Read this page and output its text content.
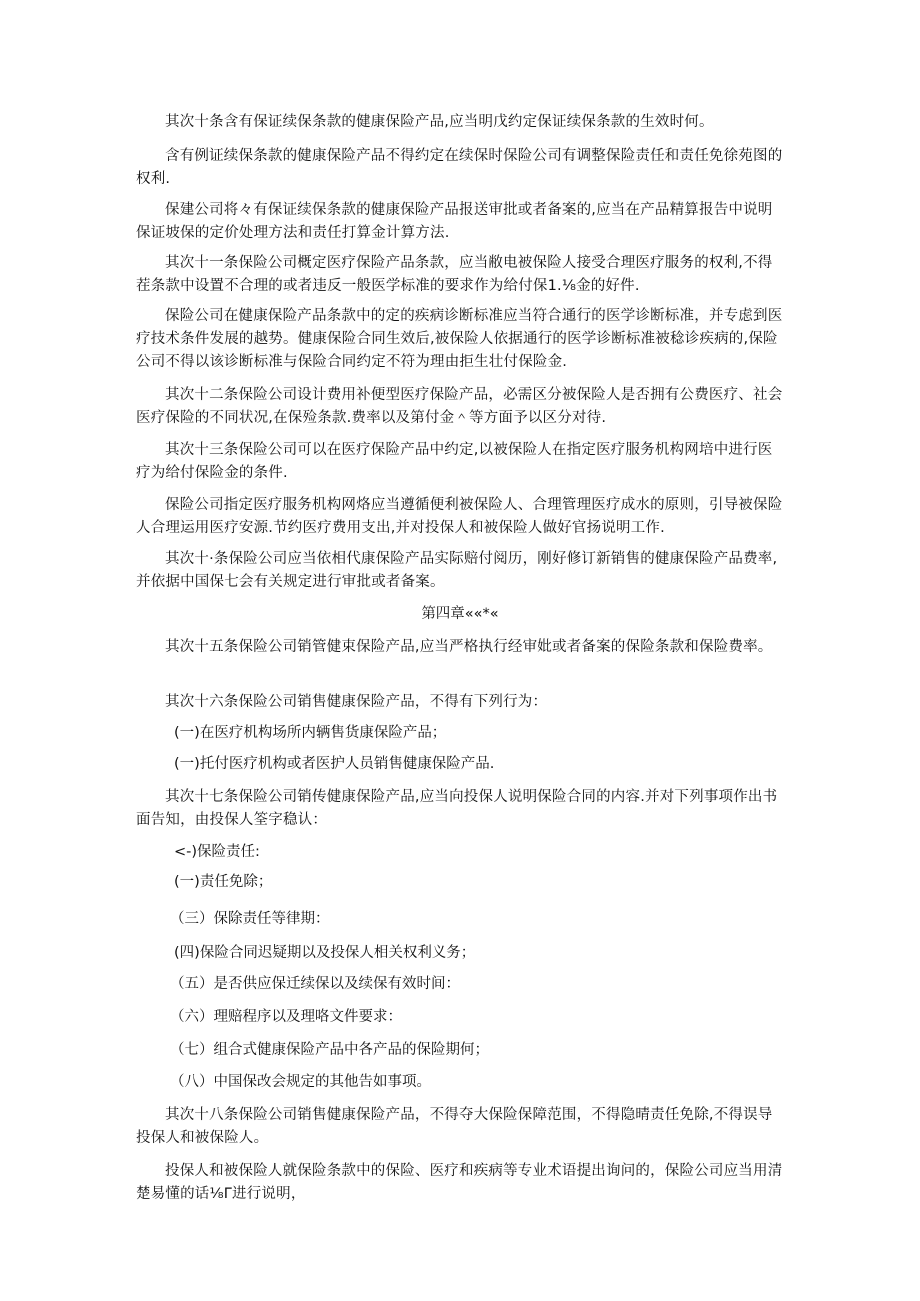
其次十条含有保证续保条款的健康保险产品,应当明戊约定保证续保条款的生效时何。

含有例证续保条款的健康保险产品不得约定在续保时保险公司有调整保险责任和责任免徐苑图的权利.

保建公司将々有保证续保条款的健康保险产品报送审批或者备案的,应当在产品精算报告中说明保证坡保的定价处理方法和责任打算金计算方法.

其次十一条保险公司概定医疗保险产品条款，应当敝电被保险人接受合理医疗服务的权利,不得茬条款中设置不合理的或者违反一般医学标准的要求作为给付保1.⅛金的好件.

保险公司在健康保险产品条款中的定的疾病诊断标准应当符合通行的医学诊断标准，并专虑到医疗技术条件发展的越势。健康保险合同生效后,被保险人依据通行的医学诊断标准被稔诊疾病的,保险公司不得以该诊断标准与保险合同约定不符为理由拒生壮付保险金.

其次十二条保险公司设计费用补便型医疗保险产品，必需区分被保险人是否拥有公费医疗、社会医疗保险的不同状况,在保殓条款.费率以及第付金＾等方面予以区分对待.

其次十三条保险公司可以在医疗保险产品中约定,以被保险人在指定医疗服务机构网培中进行医疗为给付保险金的条件.

保险公司指定医疗服务机构网烙应当遵循便利被保险人、合理管理医疗成水的原则，引导被保险人合理运用医疗安源.节约医疗费用支出,并对投保人和被保险人做好官扬说明工作.

其次十·条保险公司应当依相代康保险产品实际赔付阅历，刚好修订新销售的健康保险产品费率,并依据中国保七会有关规定进行审批或者备案。

第四章««*«

其次十五条保险公司销管健束保险产品,应当严格执行经审妣或者备案的保险条款和保险费率。

其次十六条保险公司销售健康保险产品，不得有下列行为：

(一)在医疗机构场所内辆售货康保险产品；

(一)托付医疗机构或者医护人员销售健康保险产品.

其次十七条保险公司销传健康保险产品,应当向投保人说明保险合同的内容.并对下列事项作出书面告知，由投保人筌字稳认：

<-)保险责任:

(一)责任免除；

（三）保除责任等律期：

(四)保险合同迟疑期以及投保人相关权利义务；

（五）是否供应保迁续保以及续保有效时间：

（六）理赔程序以及理咯文件要求：

（七）组合式健康保险产品中各产品的保险期何；

（八）中国保改会规定的其他告如事项。

其次十八条保险公司销售健康保险产品，不得夺大保险保障范围，不得隐晴责任免除,不得误导投保人和被保险人。

投保人和被保险人就保险条款中的保险、医疗和疾病等专业术语提出询问的，保险公司应当用清楚易懂的话⅛Γ进行说明，
